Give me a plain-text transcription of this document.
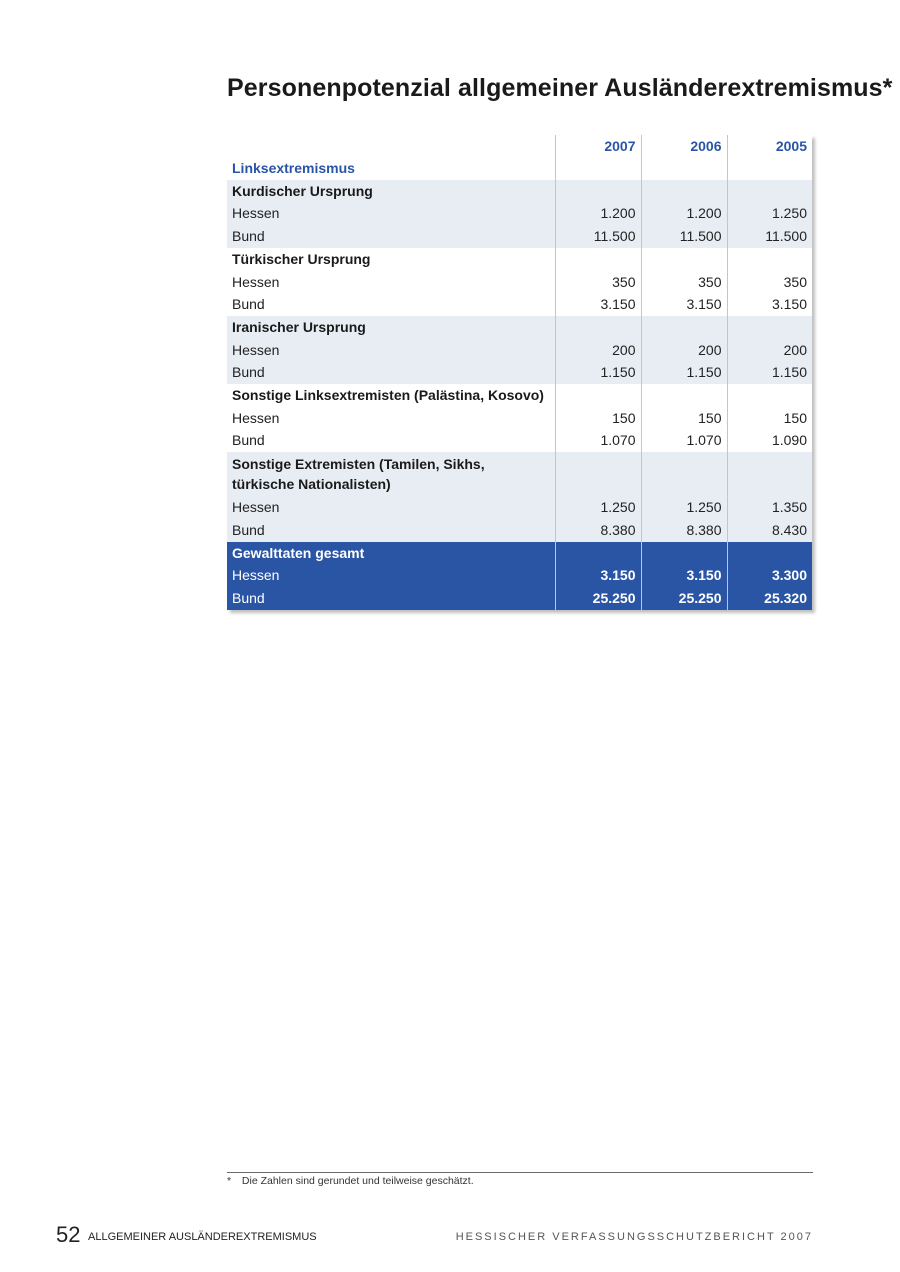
Personenpotenzial allgemeiner Ausländerextremismus*
	2007	2006	2005
Linksextremismus			
Kurdischer Ursprung			
Hessen	1.200	1.200	1.250
Bund	11.500	11.500	11.500
Türkischer Ursprung			
Hessen	350	350	350
Bund	3.150	3.150	3.150
Iranischer Ursprung			
Hessen	200	200	200
Bund	1.150	1.150	1.150
Sonstige Linksextremisten (Palästina, Kosovo)			
Hessen	150	150	150
Bund	1.070	1.070	1.090
Sonstige Extremisten (Tamilen, Sikhs, türkische Nationalisten)			
Hessen	1.250	1.250	1.350
Bund	8.380	8.380	8.430
Gewalttaten gesamt			
Hessen	3.150	3.150	3.300
Bund	25.250	25.250	25.320
* Die Zahlen sind gerundet und teilweise geschätzt.
52 ALLGEMEINER AUSLÄNDEREXTREMISMUS	HESSISCHER VERFASSUNGSSCHUTZBERICHT 2007
